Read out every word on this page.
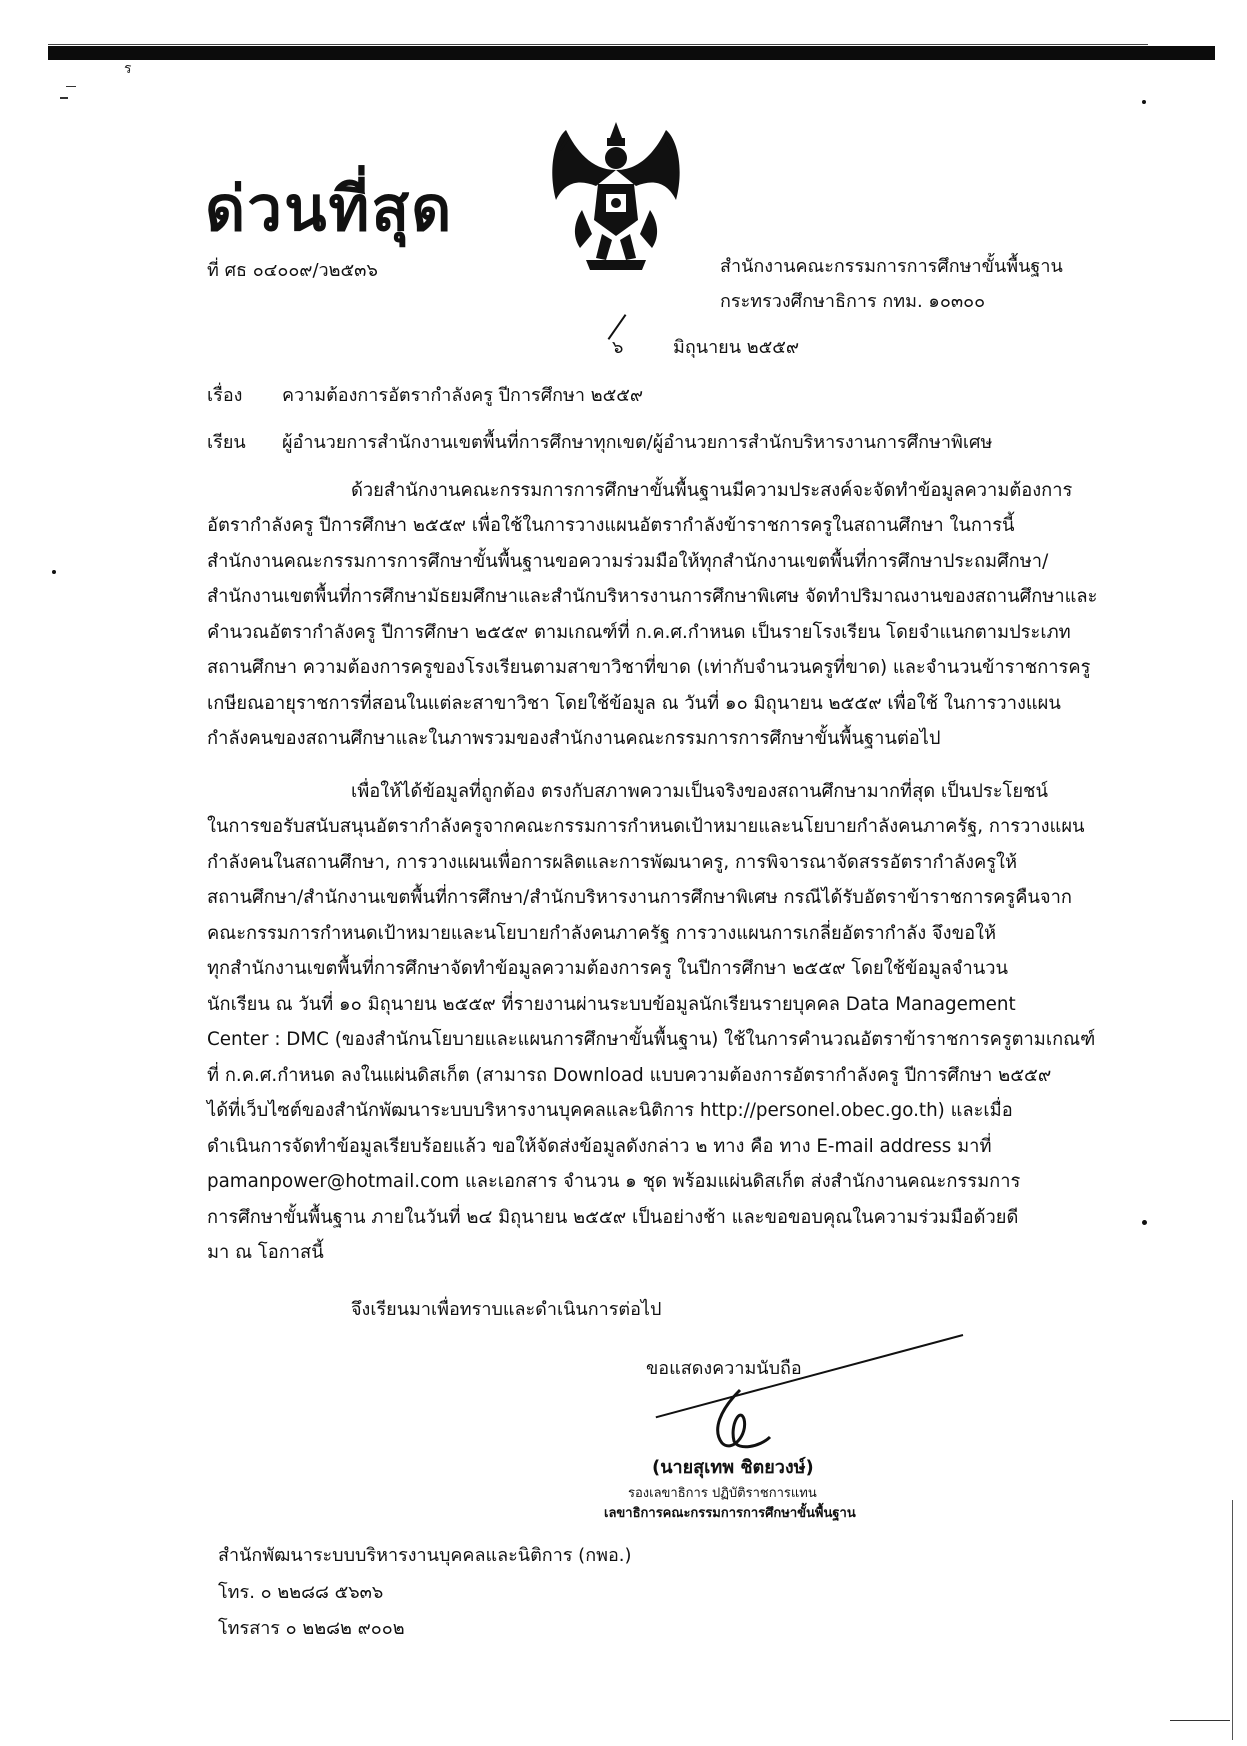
ร
ด่วนที่สุด
ที่ ศธ ๐๔๐๐๙/ว๒๕๓๖	สำนักงานคณะกรรมการการศึกษาขั้นพื้นฐาน
กระทรวงศึกษาธิการ กทม. ๑๐๓๐๐
๖	มิถุนายน ๒๕๕๙
เรื่อง ความต้องการอัตรากำลังครู ปีการศึกษา ๒๕๕๙
เรียน ผู้อำนวยการสำนักงานเขตพื้นที่การศึกษาทุกเขต/ผู้อำนวยการสำนักบริหารงานการศึกษาพิเศษ
ด้วยสำนักงานคณะกรรมการการศึกษาขั้นพื้นฐานมีความประสงค์จะจัดทำข้อมูลความต้องการ
อัตรากำลังครู ปีการศึกษา ๒๕๕๙ เพื่อใช้ในการวางแผนอัตรากำลังข้าราชการครูในสถานศึกษา ในการนี้
สำนักงานคณะกรรมการการศึกษาขั้นพื้นฐานขอความร่วมมือให้ทุกสำนักงานเขตพื้นที่การศึกษาประถมศึกษา/
สำนักงานเขตพื้นที่การศึกษามัธยมศึกษาและสำนักบริหารงานการศึกษาพิเศษ จัดทำปริมาณงานของสถานศึกษาและ
คำนวณอัตรากำลังครู ปีการศึกษา ๒๕๕๙ ตามเกณฑ์ที่ ก.ค.ศ.กำหนด เป็นรายโรงเรียน โดยจำแนกตามประเภท
สถานศึกษา ความต้องการครูของโรงเรียนตามสาขาวิชาที่ขาด (เท่ากับจำนวนครูที่ขาด) และจำนวนข้าราชการครู
เกษียณอายุราชการที่สอนในแต่ละสาขาวิชา โดยใช้ข้อมูล ณ วันที่ ๑๐ มิถุนายน ๒๕๕๙ เพื่อใช้ ในการวางแผน
กำลังคนของสถานศึกษาและในภาพรวมของสำนักงานคณะกรรมการการศึกษาขั้นพื้นฐานต่อไป
เพื่อให้ได้ข้อมูลที่ถูกต้อง ตรงกับสภาพความเป็นจริงของสถานศึกษามากที่สุด เป็นประโยชน์
ในการขอรับสนับสนุนอัตรากำลังครูจากคณะกรรมการกำหนดเป้าหมายและนโยบายกำลังคนภาครัฐ, การวางแผน
กำลังคนในสถานศึกษา, การวางแผนเพื่อการผลิตและการพัฒนาครู, การพิจารณาจัดสรรอัตรากำลังครูให้
สถานศึกษา/สำนักงานเขตพื้นที่การศึกษา/สำนักบริหารงานการศึกษาพิเศษ กรณีได้รับอัตราข้าราชการครูคืนจาก
คณะกรรมการกำหนดเป้าหมายและนโยบายกำลังคนภาครัฐ การวางแผนการเกลี่ยอัตรากำลัง จึงขอให้
ทุกสำนักงานเขตพื้นที่การศึกษาจัดทำข้อมูลความต้องการครู ในปีการศึกษา ๒๕๕๙ โดยใช้ข้อมูลจำนวน
นักเรียน ณ วันที่ ๑๐ มิถุนายน ๒๕๕๙ ที่รายงานผ่านระบบข้อมูลนักเรียนรายบุคคล Data Management
Center : DMC (ของสำนักนโยบายและแผนการศึกษาขั้นพื้นฐาน) ใช้ในการคำนวณอัตราข้าราชการครูตามเกณฑ์
ที่ ก.ค.ศ.กำหนด ลงในแผ่นดิสเก็ต (สามารถ Download แบบความต้องการอัตรากำลังครู ปีการศึกษา ๒๕๕๙
ได้ที่เว็บไซต์ของสำนักพัฒนาระบบบริหารงานบุคคลและนิติการ http://personel.obec.go.th) และเมื่อ
ดำเนินการจัดทำข้อมูลเรียบร้อยแล้ว ขอให้จัดส่งข้อมูลดังกล่าว ๒ ทาง คือ ทาง E-mail address มาที่
pamanpower@hotmail.com และเอกสาร จำนวน ๑ ชุด พร้อมแผ่นดิสเก็ต ส่งสำนักงานคณะกรรมการ
การศึกษาขั้นพื้นฐาน ภายในวันที่ ๒๔ มิถุนายน ๒๕๕๙ เป็นอย่างช้า และขอขอบคุณในความร่วมมือด้วยดี
มา ณ โอกาสนี้
จึงเรียนมาเพื่อทราบและดำเนินการต่อไป
ขอแสดงความนับถือ
(นายสุเทพ ชิตยวงษ์)
รองเลขาธิการ ปฏิบัติราชการแทน
เลขาธิการคณะกรรมการการศึกษาขั้นพื้นฐาน
สำนักพัฒนาระบบบริหารงานบุคคลและนิติการ (กพอ.)
โทร. ๐ ๒๒๘๘ ๕๖๓๖
โทรสาร ๐ ๒๒๘๒ ๙๐๐๒
